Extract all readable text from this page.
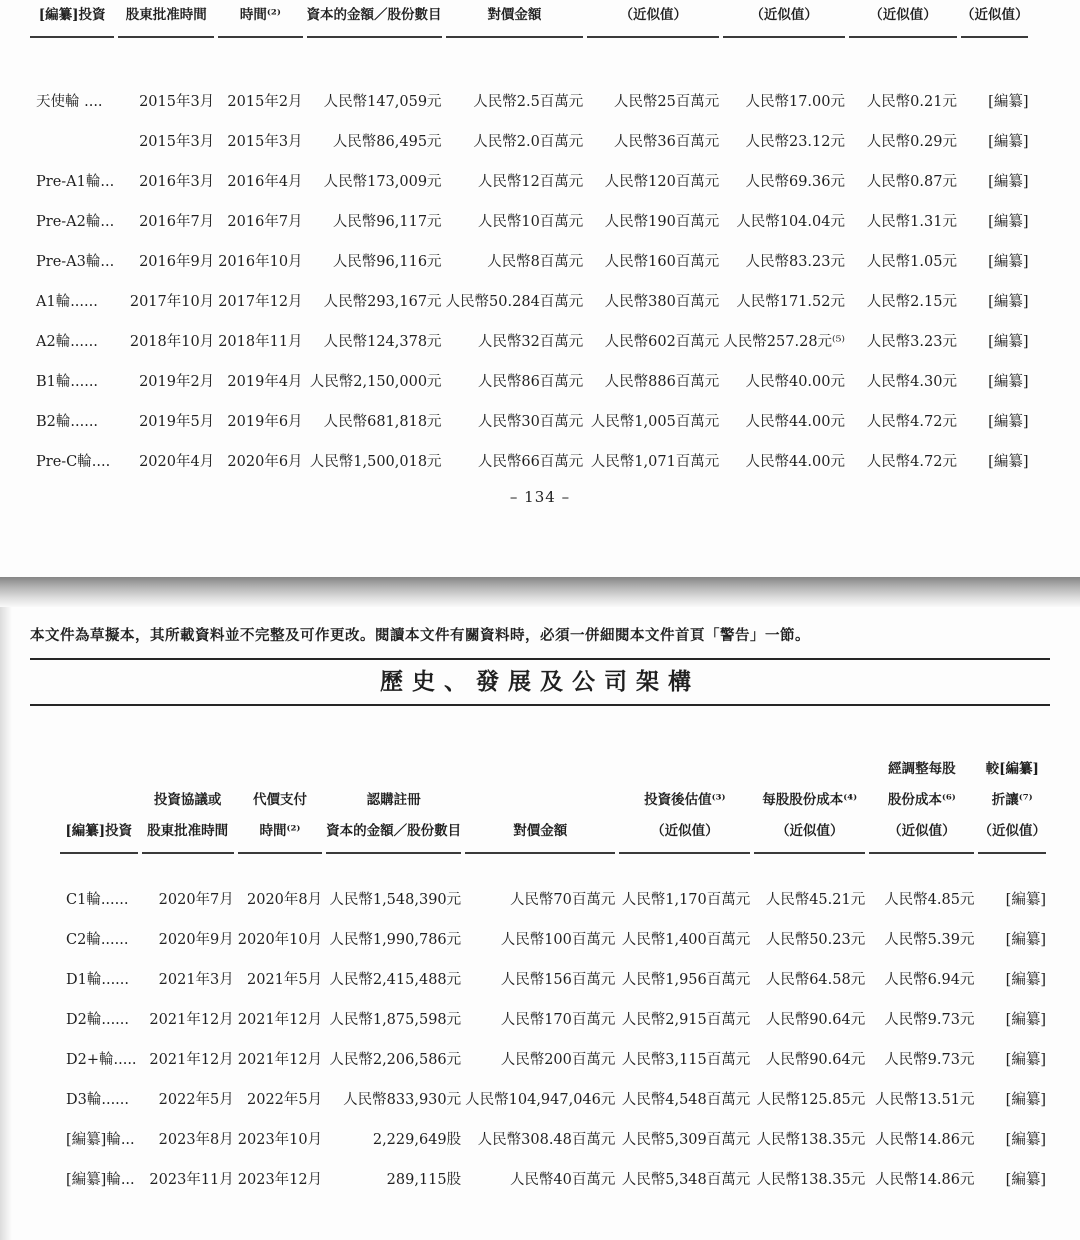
[編纂]投資	股東批准時間	時間⁽²⁾	資本的金額／股份數目	對價金額	（近似值）	（近似值）	（近似值）	（近似值）

天使輪 ....	2015年3月	2015年2月	人民幣147,059元	人民幣2.5百萬元	人民幣25百萬元	人民幣17.00元	人民幣0.21元	[編纂]
	2015年3月	2015年3月	人民幣86,495元	人民幣2.0百萬元	人民幣36百萬元	人民幣23.12元	人民幣0.29元	[編纂]
Pre-A1輪...	2016年3月	2016年4月	人民幣173,009元	人民幣12百萬元	人民幣120百萬元	人民幣69.36元	人民幣0.87元	[編纂]
Pre-A2輪...	2016年7月	2016年7月	人民幣96,117元	人民幣10百萬元	人民幣190百萬元	人民幣104.04元	人民幣1.31元	[編纂]
Pre-A3輪...	2016年9月	2016年10月	人民幣96,116元	人民幣8百萬元	人民幣160百萬元	人民幣83.23元	人民幣1.05元	[編纂]
A1輪......	2017年10月	2017年12月	人民幣293,167元	人民幣50.284百萬元	人民幣380百萬元	人民幣171.52元	人民幣2.15元	[編纂]
A2輪......	2018年10月	2018年11月	人民幣124,378元	人民幣32百萬元	人民幣602百萬元	人民幣257.28元⁽⁵⁾	人民幣3.23元	[編纂]
B1輪......	2019年2月	2019年4月	人民幣2,150,000元	人民幣86百萬元	人民幣886百萬元	人民幣40.00元	人民幣4.30元	[編纂]
B2輪......	2019年5月	2019年6月	人民幣681,818元	人民幣30百萬元	人民幣1,005百萬元	人民幣44.00元	人民幣4.72元	[編纂]
Pre-C輪....	2020年4月	2020年6月	人民幣1,500,018元	人民幣66百萬元	人民幣1,071百萬元	人民幣44.00元	人民幣4.72元	[編纂]
– 134 –
本文件為草擬本，其所載資料並不完整及可作更改。閱讀本文件有關資料時，必須一併細閱本文件首頁「警告」一節。
歷史、發展及公司架構
[編纂]投資

投資協議或
股東批准時間

代價支付
時間⁽²⁾

認購註冊
資本的金額／股份數目	對價金額

投資後估值⁽³⁾
（近似值）

每股股份成本⁽⁴⁾
（近似值）

經調整每股
股份成本⁽⁶⁾
（近似值）

較[編纂]
折讓⁽⁷⁾
（近似值）

C1輪......	2020年7月	2020年8月	人民幣1,548,390元	人民幣70百萬元	人民幣1,170百萬元	人民幣45.21元	人民幣4.85元	[編纂]
C2輪......	2020年9月	2020年10月	人民幣1,990,786元	人民幣100百萬元	人民幣1,400百萬元	人民幣50.23元	人民幣5.39元	[編纂]
D1輪......	2021年3月	2021年5月	人民幣2,415,488元	人民幣156百萬元	人民幣1,956百萬元	人民幣64.58元	人民幣6.94元	[編纂]
D2輪......	2021年12月	2021年12月	人民幣1,875,598元	人民幣170百萬元	人民幣2,915百萬元	人民幣90.64元	人民幣9.73元	[編纂]
D2+輪.....	2021年12月	2021年12月	人民幣2,206,586元	人民幣200百萬元	人民幣3,115百萬元	人民幣90.64元	人民幣9.73元	[編纂]
D3輪......	2022年5月	2022年5月	人民幣833,930元	人民幣104,947,046元	人民幣4,548百萬元	人民幣125.85元	人民幣13.51元	[編纂]
[編纂]輪...	2023年8月	2023年10月	2,229,649股	人民幣308.48百萬元	人民幣5,309百萬元	人民幣138.35元	人民幣14.86元	[編纂]
[編纂]輪...	2023年11月	2023年12月	289,115股	人民幣40百萬元	人民幣5,348百萬元	人民幣138.35元	人民幣14.86元	[編纂]
